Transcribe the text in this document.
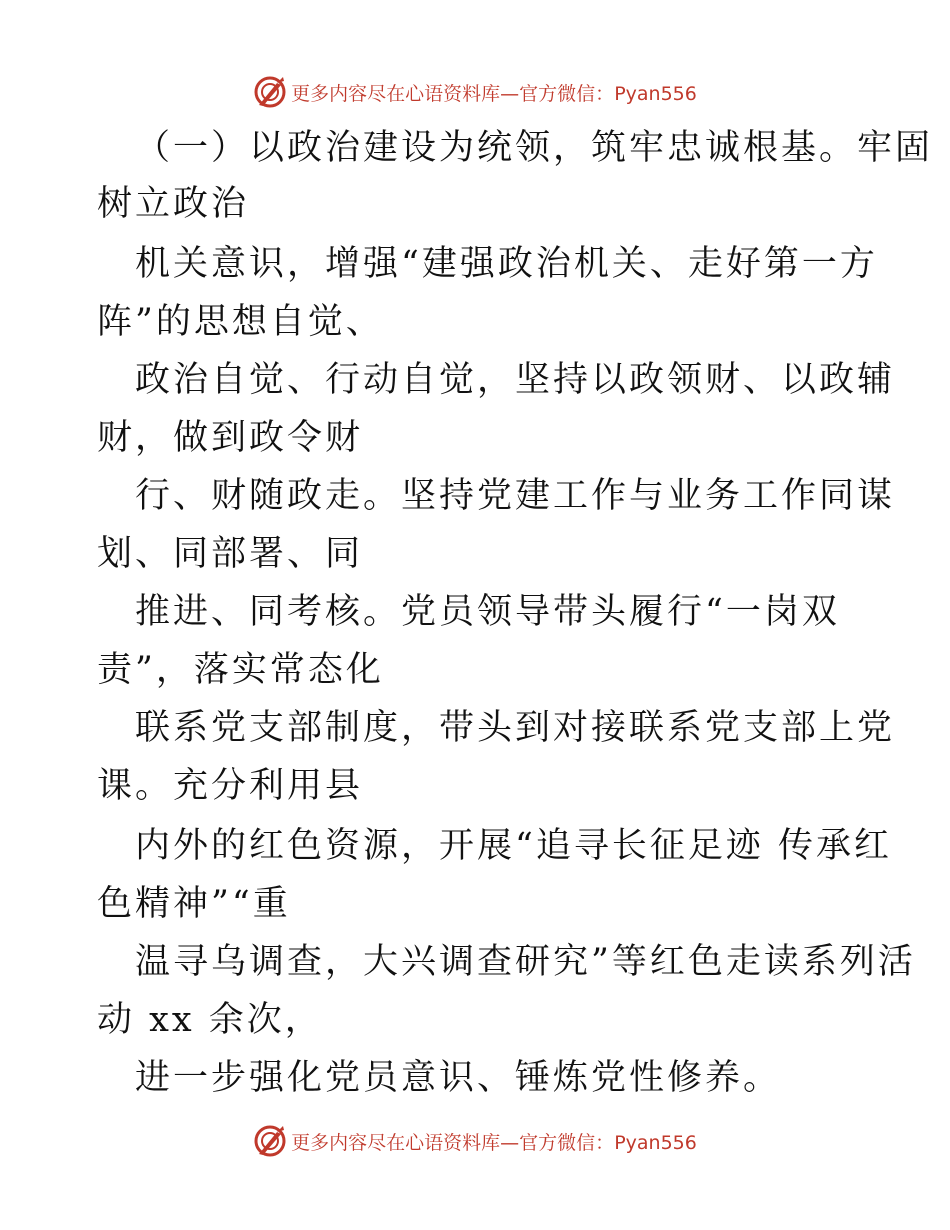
更多内容尽在心语资料库—官方微信：Pyan556
（一）以政治建设为统领，筑牢忠诚根基。牢固
树立政治
机关意识，增强“建强政治机关、走好第一方
阵”的思想自觉、
政治自觉、行动自觉，坚持以政领财、以政辅
财，做到政令财
行、财随政走。坚持党建工作与业务工作同谋
划、同部署、同
推进、同考核。党员领导带头履行“一岗双
责”，落实常态化
联系党支部制度，带头到对接联系党支部上党
课。充分利用县
内外的红色资源，开展“追寻长征足迹 传承红
色精神”“重
温寻乌调查，大兴调查研究”等红色走读系列活
动 xx 余次，
进一步强化党员意识、锤炼党性修养。
更多内容尽在心语资料库—官方微信：Pyan556
